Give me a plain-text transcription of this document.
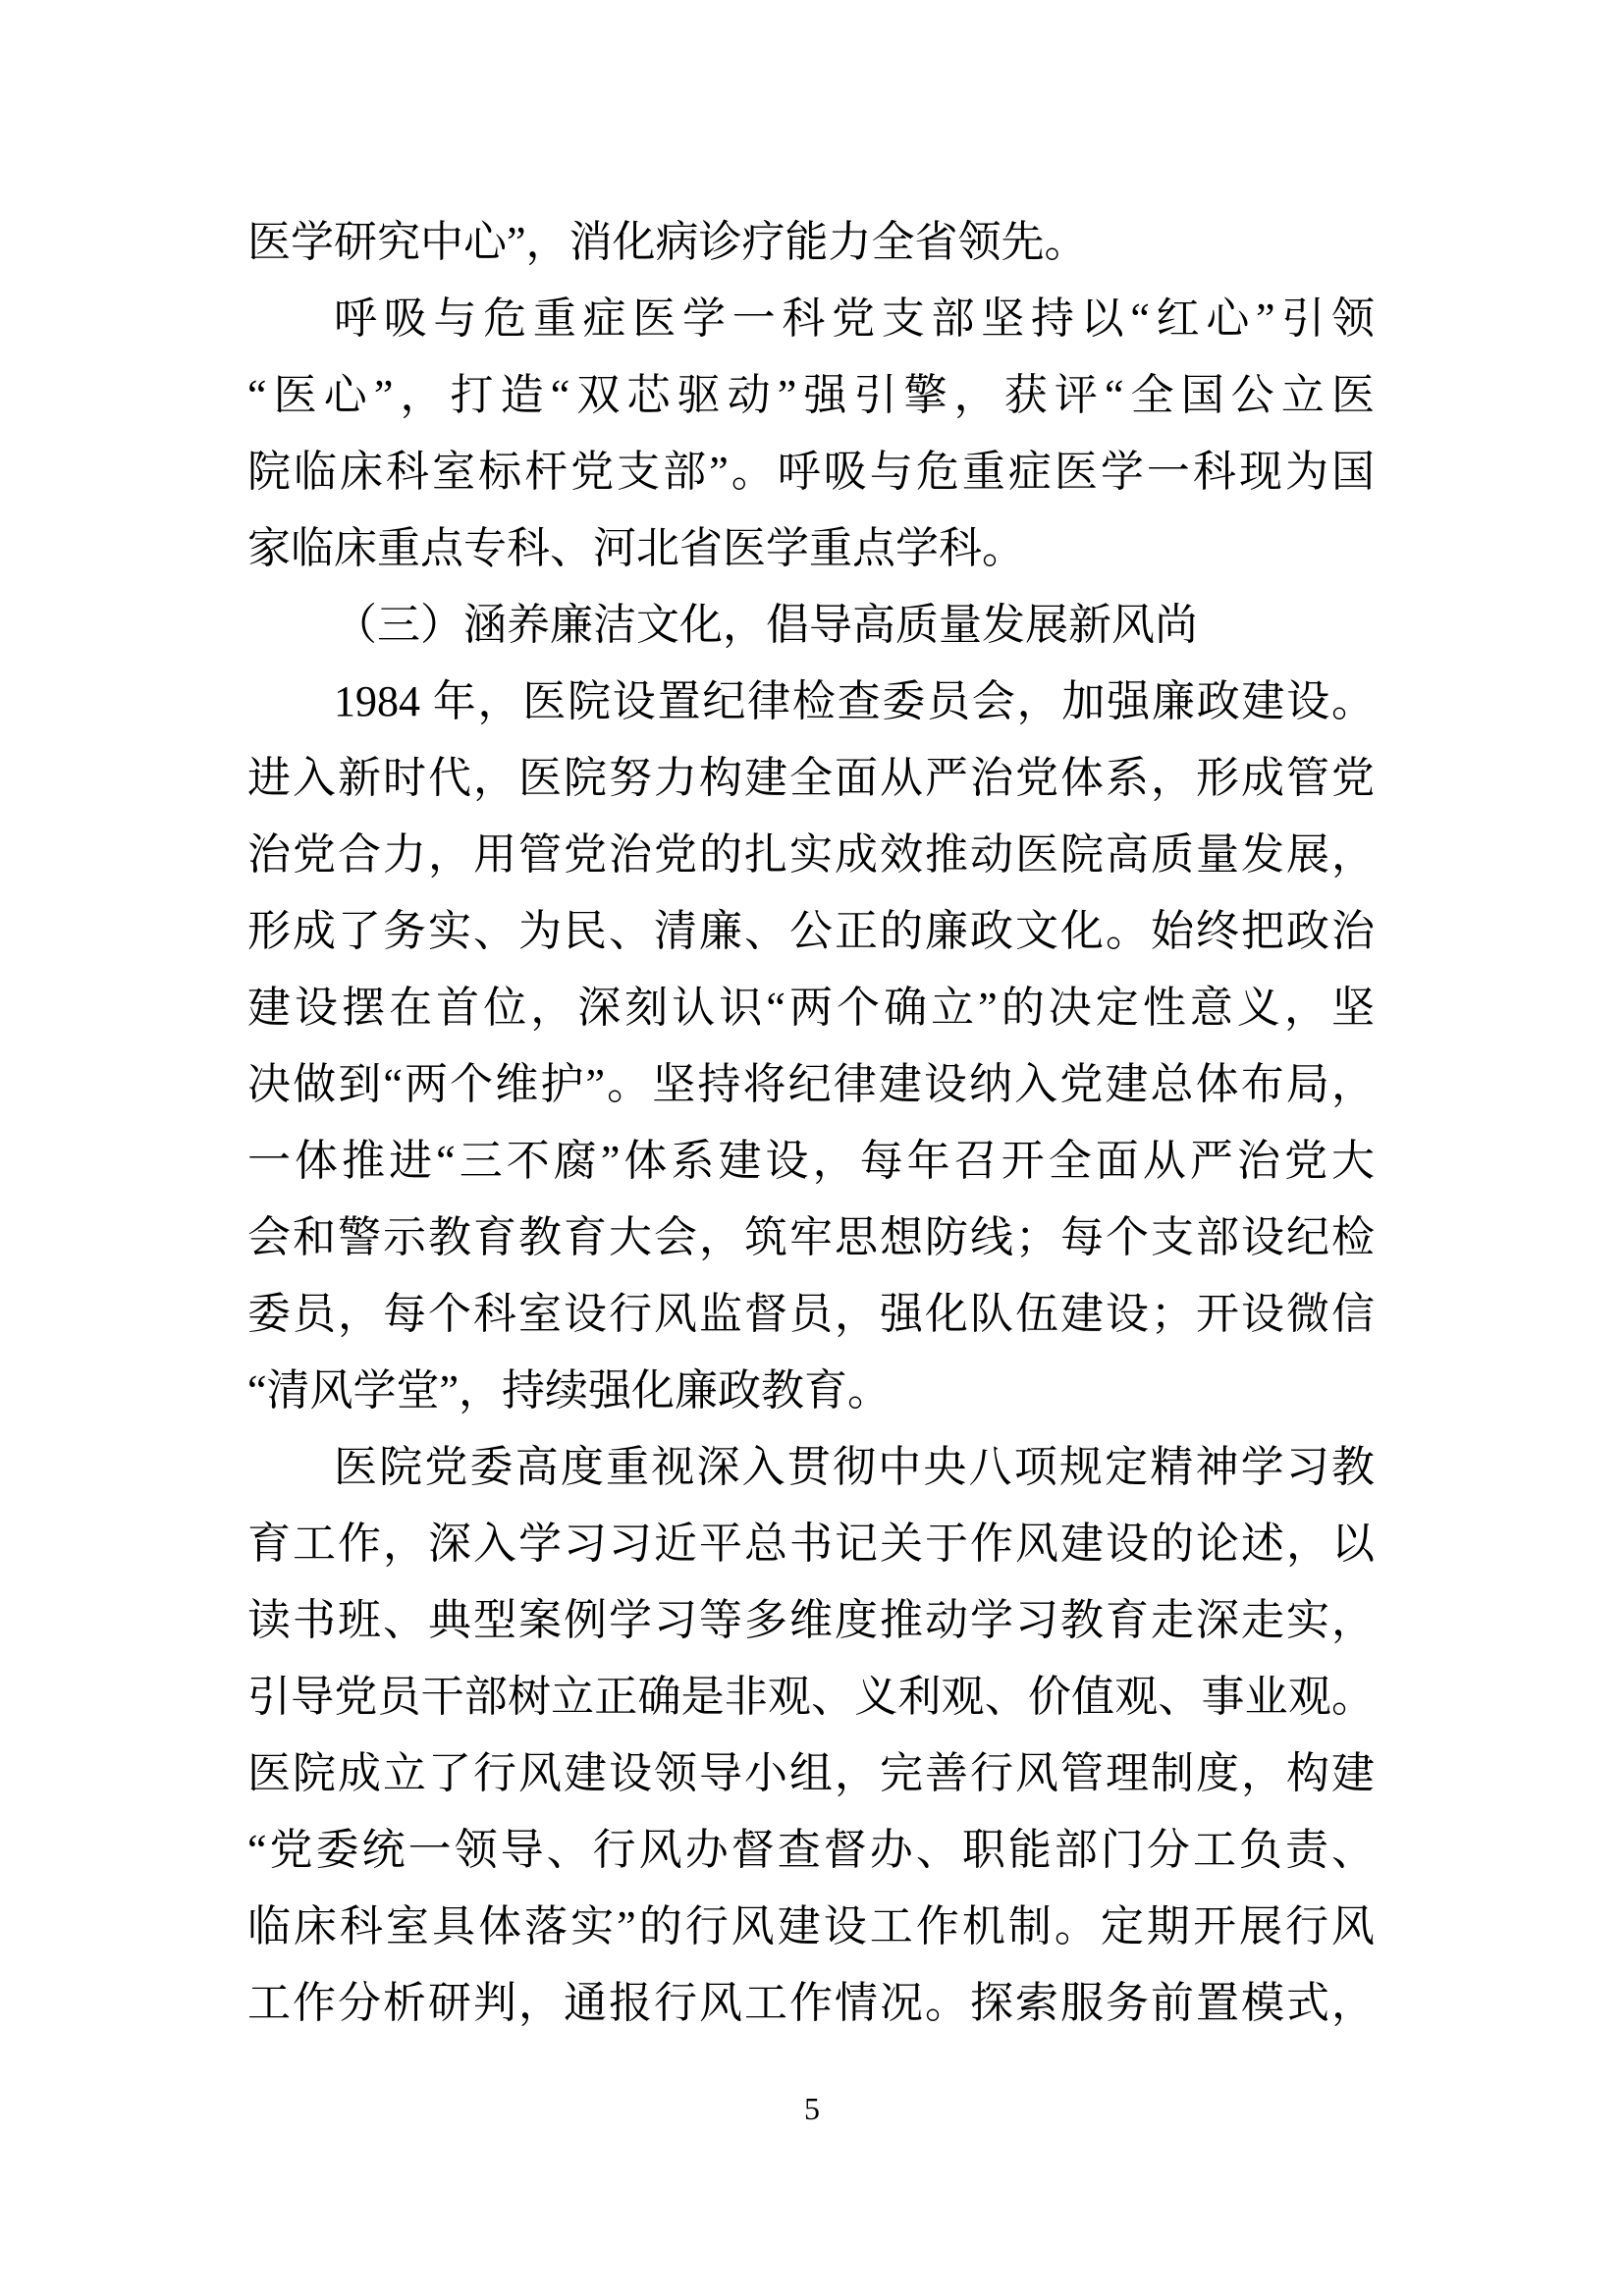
医学研究中心”，消化病诊疗能力全省领先。
呼吸与危重症医学一科党支部坚持以“红心”引领
“医心”，打造“双芯驱动”强引擎，获评“全国公立医
院临床科室标杆党支部”。呼吸与危重症医学一科现为国
家临床重点专科、河北省医学重点学科。
（三）涵养廉洁文化，倡导高质量发展新风尚
1984 年，医院设置纪律检查委员会，加强廉政建设。
进入新时代，医院努力构建全面从严治党体系，形成管党
治党合力，用管党治党的扎实成效推动医院高质量发展，
形成了务实、为民、清廉、公正的廉政文化。始终把政治
建设摆在首位，深刻认识“两个确立”的决定性意义，坚
决做到“两个维护”。坚持将纪律建设纳入党建总体布局，
一体推进“三不腐”体系建设，每年召开全面从严治党大
会和警示教育教育大会，筑牢思想防线；每个支部设纪检
委员，每个科室设行风监督员，强化队伍建设；开设微信
“清风学堂”，持续强化廉政教育。
医院党委高度重视深入贯彻中央八项规定精神学习教
育工作，深入学习习近平总书记关于作风建设的论述，以
读书班、典型案例学习等多维度推动学习教育走深走实，
引导党员干部树立正确是非观、义利观、价值观、事业观。
医院成立了行风建设领导小组，完善行风管理制度，构建
“党委统一领导、行风办督查督办、职能部门分工负责、
临床科室具体落实”的行风建设工作机制。定期开展行风
工作分析研判，通报行风工作情况。探索服务前置模式，
5
